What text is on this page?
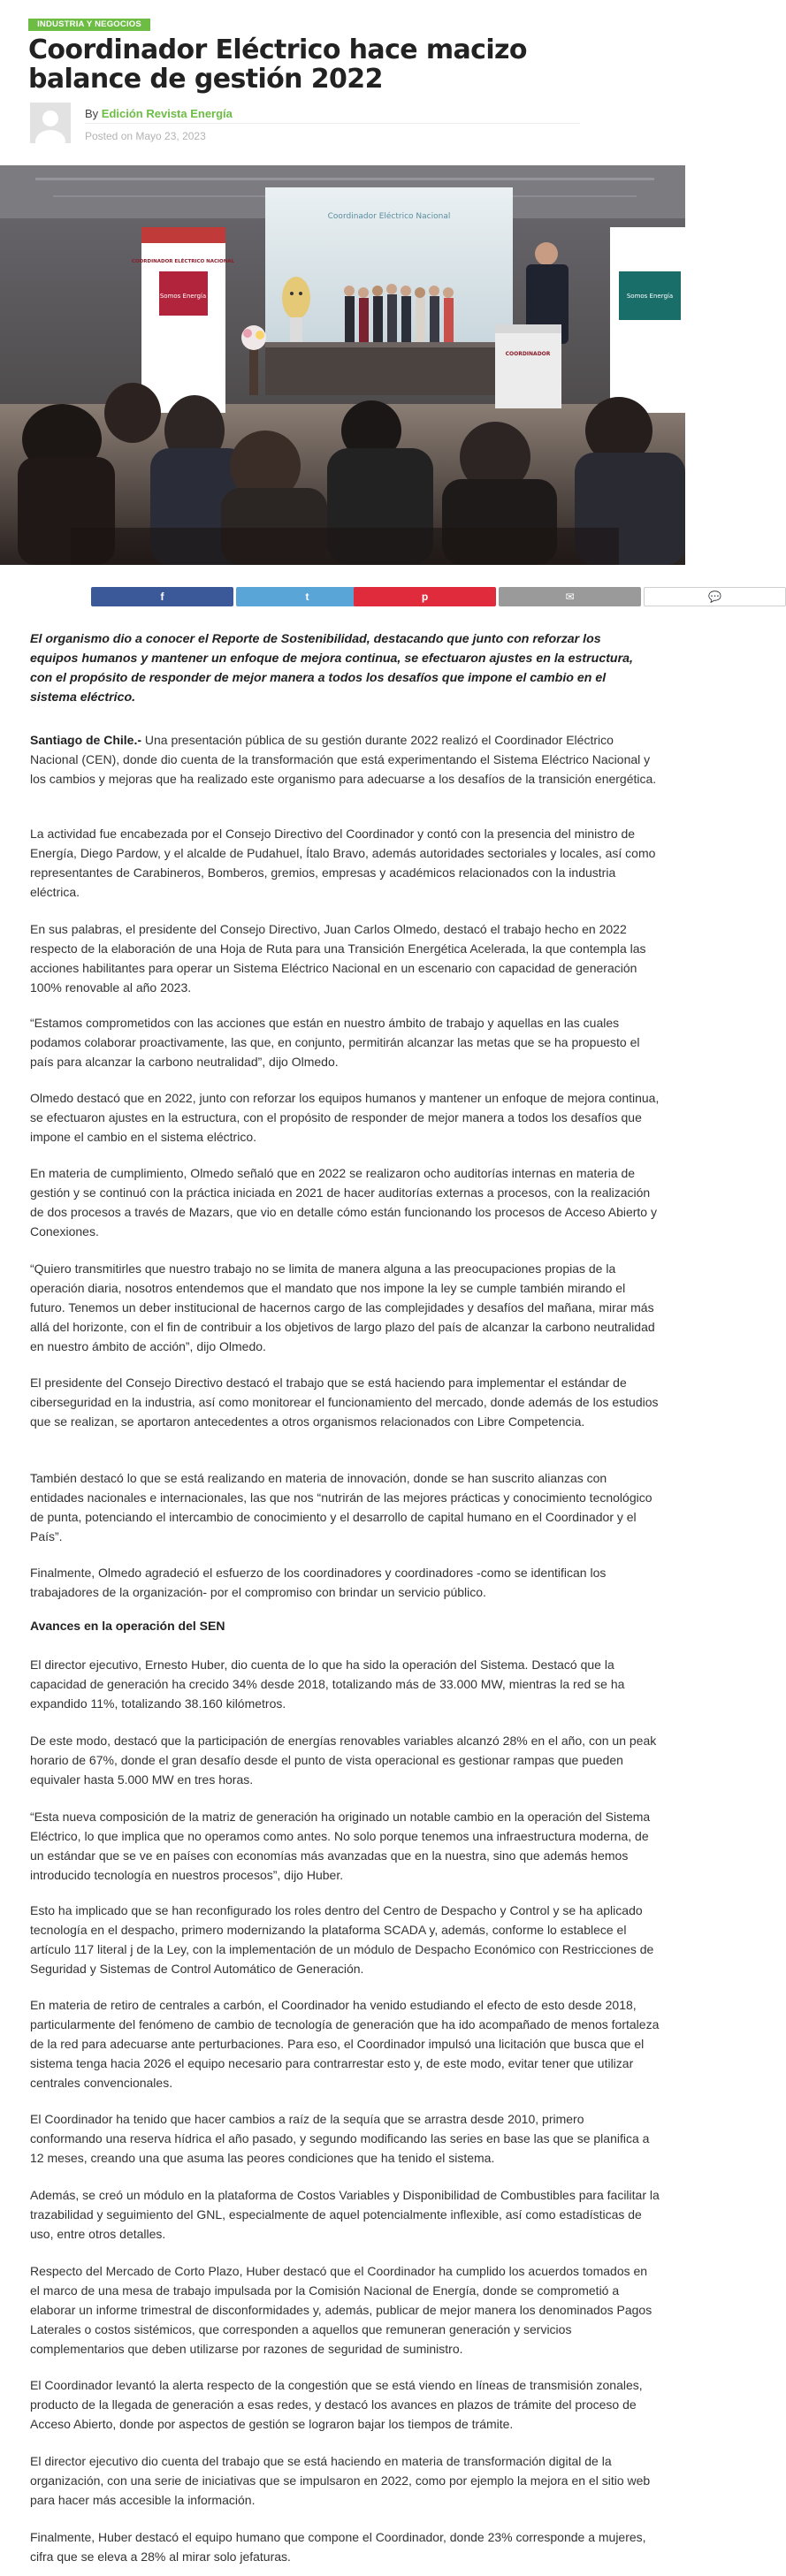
INDUSTRIA Y NEGOCIOS
Coordinador Eléctrico hace macizo
balance de gestión 2022
By Edición Revista Energía
Posted on Mayo 23, 2023
Coordinador Eléctrico Nacional
COORDINADOR ELÉCTRICO NACIONAL
Somos Energía	Somos Energía
COORDINADOR
f	t	p	✉	💬

El organismo dio a conocer el Reporte de Sostenibilidad, destacando que junto con reforzar los equipos humanos y mantener un enfoque de mejora continua, se efectuaron ajustes en la estructura, con el propósito de responder de mejor manera a todos los desafíos que impone el cambio en el sistema eléctrico.

Santiago de Chile.- Una presentación pública de su gestión durante 2022 realizó el Coordinador Eléctrico Nacional (CEN), donde dio cuenta de la transformación que está experimentando el Sistema Eléctrico Nacional y los cambios y mejoras que ha realizado este organismo para adecuarse a los desafíos de la transición energética.

La actividad fue encabezada por el Consejo Directivo del Coordinador y contó con la presencia del ministro de Energía, Diego Pardow, y el alcalde de Pudahuel, Ítalo Bravo, además autoridades sectoriales y locales, así como representantes de Carabineros, Bomberos, gremios, empresas y académicos relacionados con la industria eléctrica.

En sus palabras, el presidente del Consejo Directivo, Juan Carlos Olmedo, destacó el trabajo hecho en 2022 respecto de la elaboración de una Hoja de Ruta para una Transición Energética Acelerada, la que contempla las acciones habilitantes para operar un Sistema Eléctrico Nacional en un escenario con capacidad de generación 100% renovable al año 2023.

“Estamos comprometidos con las acciones que están en nuestro ámbito de trabajo y aquellas en las cuales podamos colaborar proactivamente, las que, en conjunto, permitirán alcanzar las metas que se ha propuesto el país para alcanzar la carbono neutralidad”, dijo Olmedo.

Olmedo destacó que en 2022, junto con reforzar los equipos humanos y mantener un enfoque de mejora continua, se efectuaron ajustes en la estructura, con el propósito de responder de mejor manera a todos los desafíos que impone el cambio en el sistema eléctrico.

En materia de cumplimiento, Olmedo señaló que en 2022 se realizaron ocho auditorías internas en materia de gestión y se continuó con la práctica iniciada en 2021 de hacer auditorías externas a procesos, con la realización de dos procesos a través de Mazars, que vio en detalle cómo están funcionando los procesos de Acceso Abierto y Conexiones.

“Quiero transmitirles que nuestro trabajo no se limita de manera alguna a las preocupaciones propias de la operación diaria, nosotros entendemos que el mandato que nos impone la ley se cumple también mirando el futuro. Tenemos un deber institucional de hacernos cargo de las complejidades y desafíos del mañana, mirar más allá del horizonte, con el fin de contribuir a los objetivos de largo plazo del país de alcanzar la carbono neutralidad en nuestro ámbito de acción”, dijo Olmedo.

El presidente del Consejo Directivo destacó el trabajo que se está haciendo para implementar el estándar de ciberseguridad en la industria, así como monitorear el funcionamiento del mercado, donde además de los estudios que se realizan, se aportaron antecedentes a otros organismos relacionados con Libre Competencia.

También destacó lo que se está realizando en materia de innovación, donde se han suscrito alianzas con entidades nacionales e internacionales, las que nos “nutrirán de las mejores prácticas y conocimiento tecnológico de punta, potenciando el intercambio de conocimiento y el desarrollo de capital humano en el Coordinador y el País”.

Finalmente, Olmedo agradeció el esfuerzo de los coordinadores y coordinadores -como se identifican los trabajadores de la organización- por el compromiso con brindar un servicio público.

Avances en la operación del SEN

El director ejecutivo, Ernesto Huber, dio cuenta de lo que ha sido la operación del Sistema. Destacó que la capacidad de generación ha crecido 34% desde 2018, totalizando más de 33.000 MW, mientras la red se ha expandido 11%, totalizando 38.160 kilómetros.

De este modo, destacó que la participación de energías renovables variables alcanzó 28% en el año, con un peak horario de 67%, donde el gran desafío desde el punto de vista operacional es gestionar rampas que pueden equivaler hasta 5.000 MW en tres horas.

“Esta nueva composición de la matriz de generación ha originado un notable cambio en la operación del Sistema Eléctrico, lo que implica que no operamos como antes. No solo porque tenemos una infraestructura moderna, de un estándar que se ve en países con economías más avanzadas que en la nuestra, sino que además hemos introducido tecnología en nuestros procesos”, dijo Huber.

Esto ha implicado que se han reconfigurado los roles dentro del Centro de Despacho y Control y se ha aplicado tecnología en el despacho, primero modernizando la plataforma SCADA y, además, conforme lo establece el artículo 117 literal j de la Ley, con la implementación de un módulo de Despacho Económico con Restricciones de Seguridad y Sistemas de Control Automático de Generación.

En materia de retiro de centrales a carbón, el Coordinador ha venido estudiando el efecto de esto desde 2018, particularmente del fenómeno de cambio de tecnología de generación que ha ido acompañado de menos fortaleza de la red para adecuarse ante perturbaciones. Para eso, el Coordinador impulsó una licitación que busca que el sistema tenga hacia 2026 el equipo necesario para contrarrestar esto y, de este modo, evitar tener que utilizar centrales convencionales.

El Coordinador ha tenido que hacer cambios a raíz de la sequía que se arrastra desde 2010, primero conformando una reserva hídrica el año pasado, y segundo modificando las series en base las que se planifica a 12 meses, creando una que asuma las peores condiciones que ha tenido el sistema.

Además, se creó un módulo en la plataforma de Costos Variables y Disponibilidad de Combustibles para facilitar la trazabilidad y seguimiento del GNL, especialmente de aquel potencialmente inflexible, así como estadísticas de uso, entre otros detalles.

Respecto del Mercado de Corto Plazo, Huber destacó que el Coordinador ha cumplido los acuerdos tomados en el marco de una mesa de trabajo impulsada por la Comisión Nacional de Energía, donde se comprometió a elaborar un informe trimestral de disconformidades y, además, publicar de mejor manera los denominados Pagos Laterales o costos sistémicos, que corresponden a aquellos que remuneran generación y servicios complementarios que deben utilizarse por razones de seguridad de suministro.

El Coordinador levantó la alerta respecto de la congestión que se está viendo en líneas de transmisión zonales, producto de la llegada de generación a esas redes, y destacó los avances en plazos de trámite del proceso de Acceso Abierto, donde por aspectos de gestión se lograron bajar los tiempos de trámite.

El director ejecutivo dio cuenta del trabajo que se está haciendo en materia de transformación digital de la organización, con una serie de iniciativas que se impulsaron en 2022, como por ejemplo la mejora en el sitio web para hacer más accesible la información.

Finalmente, Huber destacó el equipo humano que compone el Coordinador, donde 23% corresponde a mujeres, cifra que se eleva a 28% al mirar solo jefaturas.
